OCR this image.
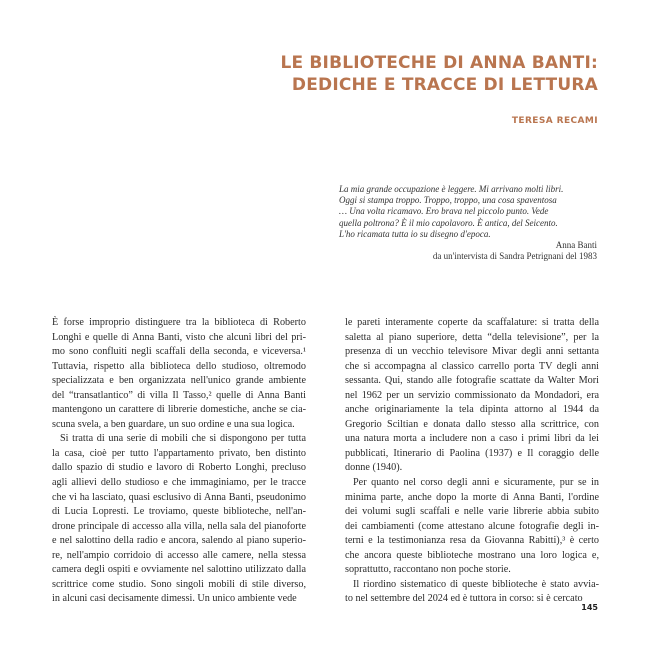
LE BIBLIOTECHE DI ANNA BANTI:
DEDICHE E TRACCE DI LETTURA
TERESA RECAMI
La mia grande occupazione è leggere. Mi arrivano molti libri.
Oggi si stampa troppo. Troppo, troppo, una cosa spaventosa
… Una volta ricamavo. Ero brava nel piccolo punto. Vede
quella poltrona? È il mio capolavoro. È antica, del Seicento.
L'ho ricamata tutta io su disegno d'epoca.
Anna Banti
da un'intervista di Sandra Petrignani del 1983
È forse improprio distinguere tra la biblioteca di Roberto
Longhi e quelle di Anna Banti, visto che alcuni libri del pri-
mo sono confluiti negli scaffali della seconda, e viceversa.¹
Tuttavia, rispetto alla biblioteca dello studioso, oltremodo
specializzata e ben organizzata nell'unico grande ambiente
del “transatlantico” di villa Il Tasso,² quelle di Anna Banti
mantengono un carattere di librerie domestiche, anche se cia-
scuna svela, a ben guardare, un suo ordine e una sua logica.
Si tratta di una serie di mobili che si dispongono per tutta
la casa, cioè per tutto l'appartamento privato, ben distinto
dallo spazio di studio e lavoro di Roberto Longhi, precluso
agli allievi dello studioso e che immaginiamo, per le tracce
che vi ha lasciato, quasi esclusivo di Anna Banti, pseudonimo
di Lucia Lopresti. Le troviamo, queste biblioteche, nell'an-
drone principale di accesso alla villa, nella sala del pianoforte
e nel salottino della radio e ancora, salendo al piano superio-
re, nell'ampio corridoio di accesso alle camere, nella stessa
camera degli ospiti e ovviamente nel salottino utilizzato dalla
scrittrice come studio. Sono singoli mobili di stile diverso,
in alcuni casi decisamente dimessi. Un unico ambiente vede
le pareti interamente coperte da scaffalature: si tratta della
saletta al piano superiore, detta “della televisione”, per la
presenza di un vecchio televisore Mivar degli anni settanta
che si accompagna al classico carrello porta TV degli anni
sessanta. Qui, stando alle fotografie scattate da Walter Mori
nel 1962 per un servizio commissionato da Mondadori, era
anche originariamente la tela dipinta attorno al 1944 da
Gregorio Sciltian e donata dallo stesso alla scrittrice, con
una natura morta a includere non a caso i primi libri da lei
pubblicati, Itinerario di Paolina (1937) e Il coraggio delle
donne (1940).
Per quanto nel corso degli anni e sicuramente, pur se in
minima parte, anche dopo la morte di Anna Banti, l'ordine
dei volumi sugli scaffali e nelle varie librerie abbia subito
dei cambiamenti (come attestano alcune fotografie degli in-
terni e la testimonianza resa da Giovanna Rabitti),³ è certo
che ancora queste biblioteche mostrano una loro logica e,
soprattutto, raccontano non poche storie.
Il riordino sistematico di queste biblioteche è stato avvia-
to nel settembre del 2024 ed è tuttora in corso: si è cercato
145
